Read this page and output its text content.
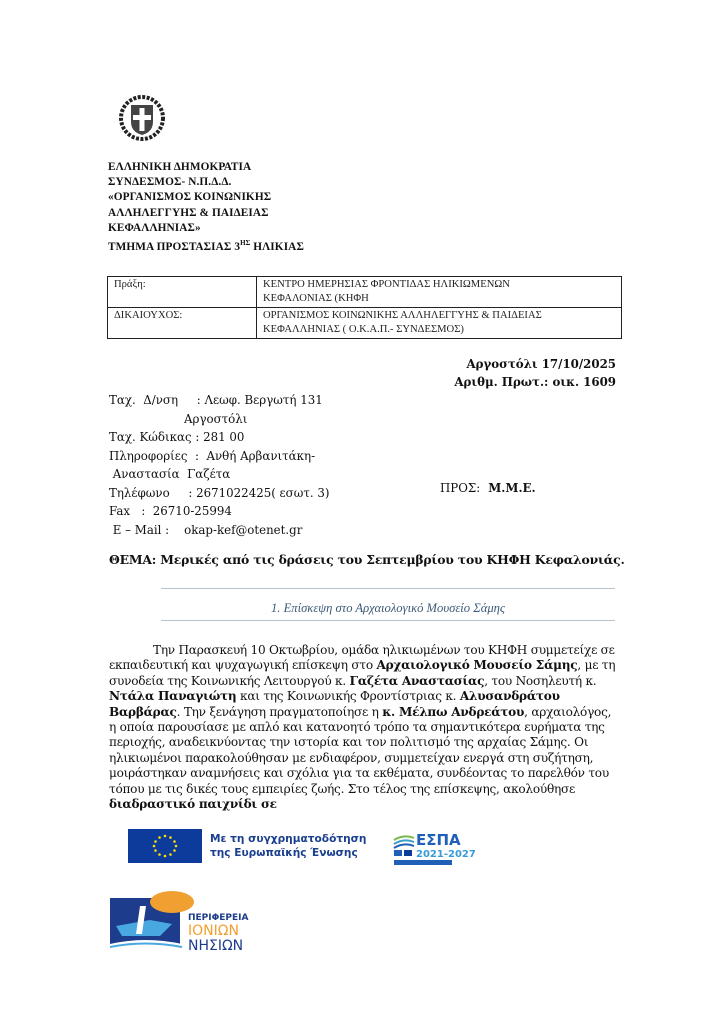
ΕΛΛΗΝΙΚΗ ΔΗΜΟΚΡΑΤΙΑ
ΣΥΝΔΕΣΜΟΣ- Ν.Π.Δ.Δ.
«ΟΡΓΑΝΙΣΜΟΣ ΚΟΙΝΩΝΙΚΗΣ
ΑΛΛΗΛΕΓΓΥΗΣ & ΠΑΙΔΕΙΑΣ
ΚΕΦΑΛΛΗΝΙΑΣ»
ΤΜΗΜΑ ΠΡΟΣΤΑΣΙΑΣ $3^{H\Sigma}$ ΗΛΙΚΙΑΣ
Πράξη:	ΚΕΝΤΡΟ ΗΜΕΡΗΣΙΑΣ ΦΡΟΝΤΙΔΑΣ ΗΛΙΚΙΩΜΕΝΩΝ
ΚΕΦΑΛΟΝΙΑΣ (ΚΗΦΗ

ΔΙΚΑΙΟΥΧΟΣ:	ΟΡΓΑΝΙΣΜΟΣ ΚΟΙΝΩΝΙΚΗΣ ΑΛΛΗΛΕΓΓΥΗΣ & ΠΑΙΔΕΙΑΣ
ΚΕΦΑΛΛΗΝΙΑΣ ( Ο.Κ.Α.Π.- ΣΥΝΔΕΣΜΟΣ)
Αργοστόλι 17/10/2025
Αριθμ. Πρωτ.: οικ. 1609
Ταχ.  Δ/νση     : Λεωφ. Βεργωτή 131
Αργοστόλι
Ταχ. Κώδικας : 281 00
Πληροφορίες  :  Ανθή Αρβανιτάκη-
Αναστασία  Γαζέτα
Τηλέφωνο     : 2671022425( εσωτ. 3)
Fax   :  26710-25994
E – Mail :    okap-kef@otenet.gr
ΠΡΟΣ: Μ.Μ.Ε.
ΘΕΜΑ: Μερικές από τις δράσεις του Σεπτεμβρίου του ΚΗΦΗ Κεφαλονιάς.
1. Επίσκεψη στο Αρχαιολογικό Μουσείο Σάμης
Την Παρασκευή 10 Οκτωβρίου, ομάδα ηλικιωμένων του ΚΗΦΗ συμμετείχε σε εκπαιδευτική και ψυχαγωγική επίσκεψη στο Αρχαιολογικό Μουσείο Σάμης, με τη συνοδεία της Κοινωνικής Λειτουργού κ. Γαζέτα Αναστασίας, του Νοσηλευτή κ. Ντάλα Παναγιώτη και της Κοινωνικής Φροντίστριας κ. Αλυσανδράτου Βαρβάρας. Την ξενάγηση πραγματοποίησε η κ. Μέλπω Ανδρεάτου, αρχαιολόγος, η οποία παρουσίασε με απλό και κατανοητό τρόπο τα σημαντικότερα ευρήματα της περιοχής, αναδεικνύοντας την ιστορία και τον πολιτισμό της αρχαίας Σάμης. Οι ηλικιωμένοι παρακολούθησαν με ενδιαφέρον, συμμετείχαν ενεργά στη συζήτηση, μοιράστηκαν αναμνήσεις και σχόλια για τα εκθέματα, συνδέοντας το παρελθόν του τόπου με τις δικές τους εμπειρίες ζωής. Στο τέλος της επίσκεψης, ακολούθησε διαδραστικό παιχνίδι σε
Με τη συγχρηματοδότηση
της Ευρωπαϊκής Ένωσης
ΕΣΠΑ
2021-2027
ΠΕΡΙΦΕΡΕΙΑ
ΙΟΝΙΩΝ
ΝΗΣΙΩΝ
